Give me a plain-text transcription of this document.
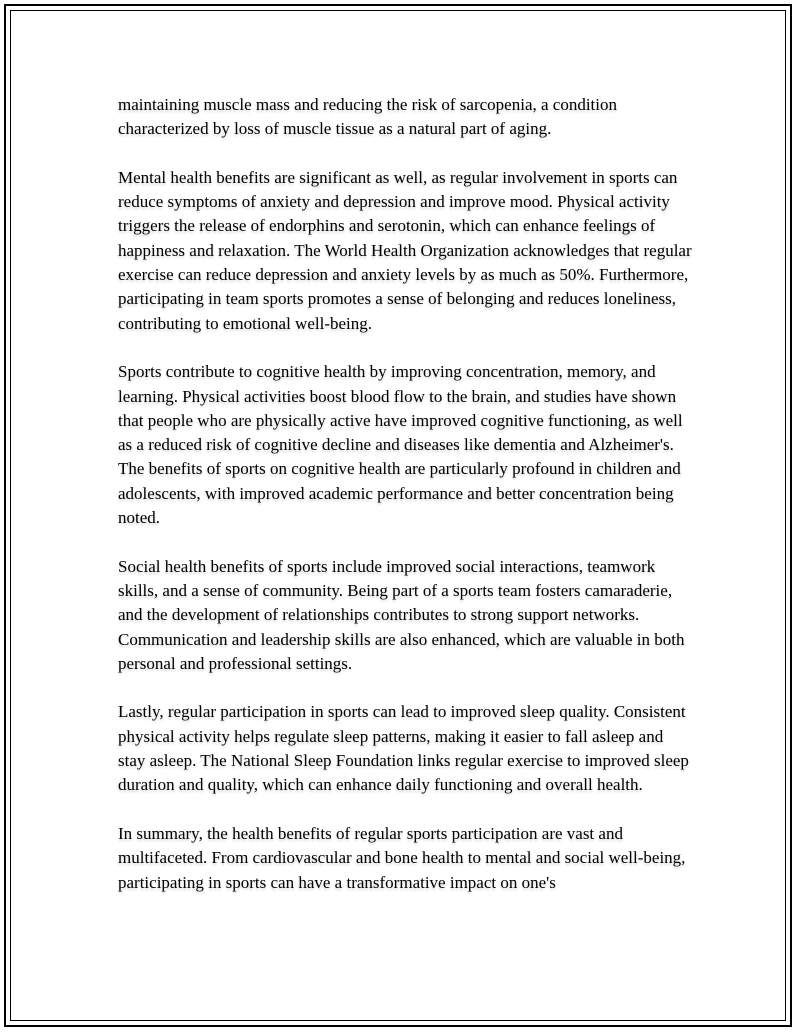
maintaining muscle mass and reducing the risk of sarcopenia, a condition characterized by loss of muscle tissue as a natural part of aging.

Mental health benefits are significant as well, as regular involvement in sports can reduce symptoms of anxiety and depression and improve mood. Physical activity triggers the release of endorphins and serotonin, which can enhance feelings of happiness and relaxation. The World Health Organization acknowledges that regular exercise can reduce depression and anxiety levels by as much as 50%. Furthermore, participating in team sports promotes a sense of belonging and reduces loneliness, contributing to emotional well-being.

Sports contribute to cognitive health by improving concentration, memory, and learning. Physical activities boost blood flow to the brain, and studies have shown that people who are physically active have improved cognitive functioning, as well as a reduced risk of cognitive decline and diseases like dementia and Alzheimer's. The benefits of sports on cognitive health are particularly profound in children and adolescents, with improved academic performance and better concentration being noted.

Social health benefits of sports include improved social interactions, teamwork skills, and a sense of community. Being part of a sports team fosters camaraderie, and the development of relationships contributes to strong support networks. Communication and leadership skills are also enhanced, which are valuable in both personal and professional settings.

Lastly, regular participation in sports can lead to improved sleep quality. Consistent physical activity helps regulate sleep patterns, making it easier to fall asleep and stay asleep. The National Sleep Foundation links regular exercise to improved sleep duration and quality, which can enhance daily functioning and overall health.

In summary, the health benefits of regular sports participation are vast and multifaceted. From cardiovascular and bone health to mental and social well-being, participating in sports can have a transformative impact on one's
